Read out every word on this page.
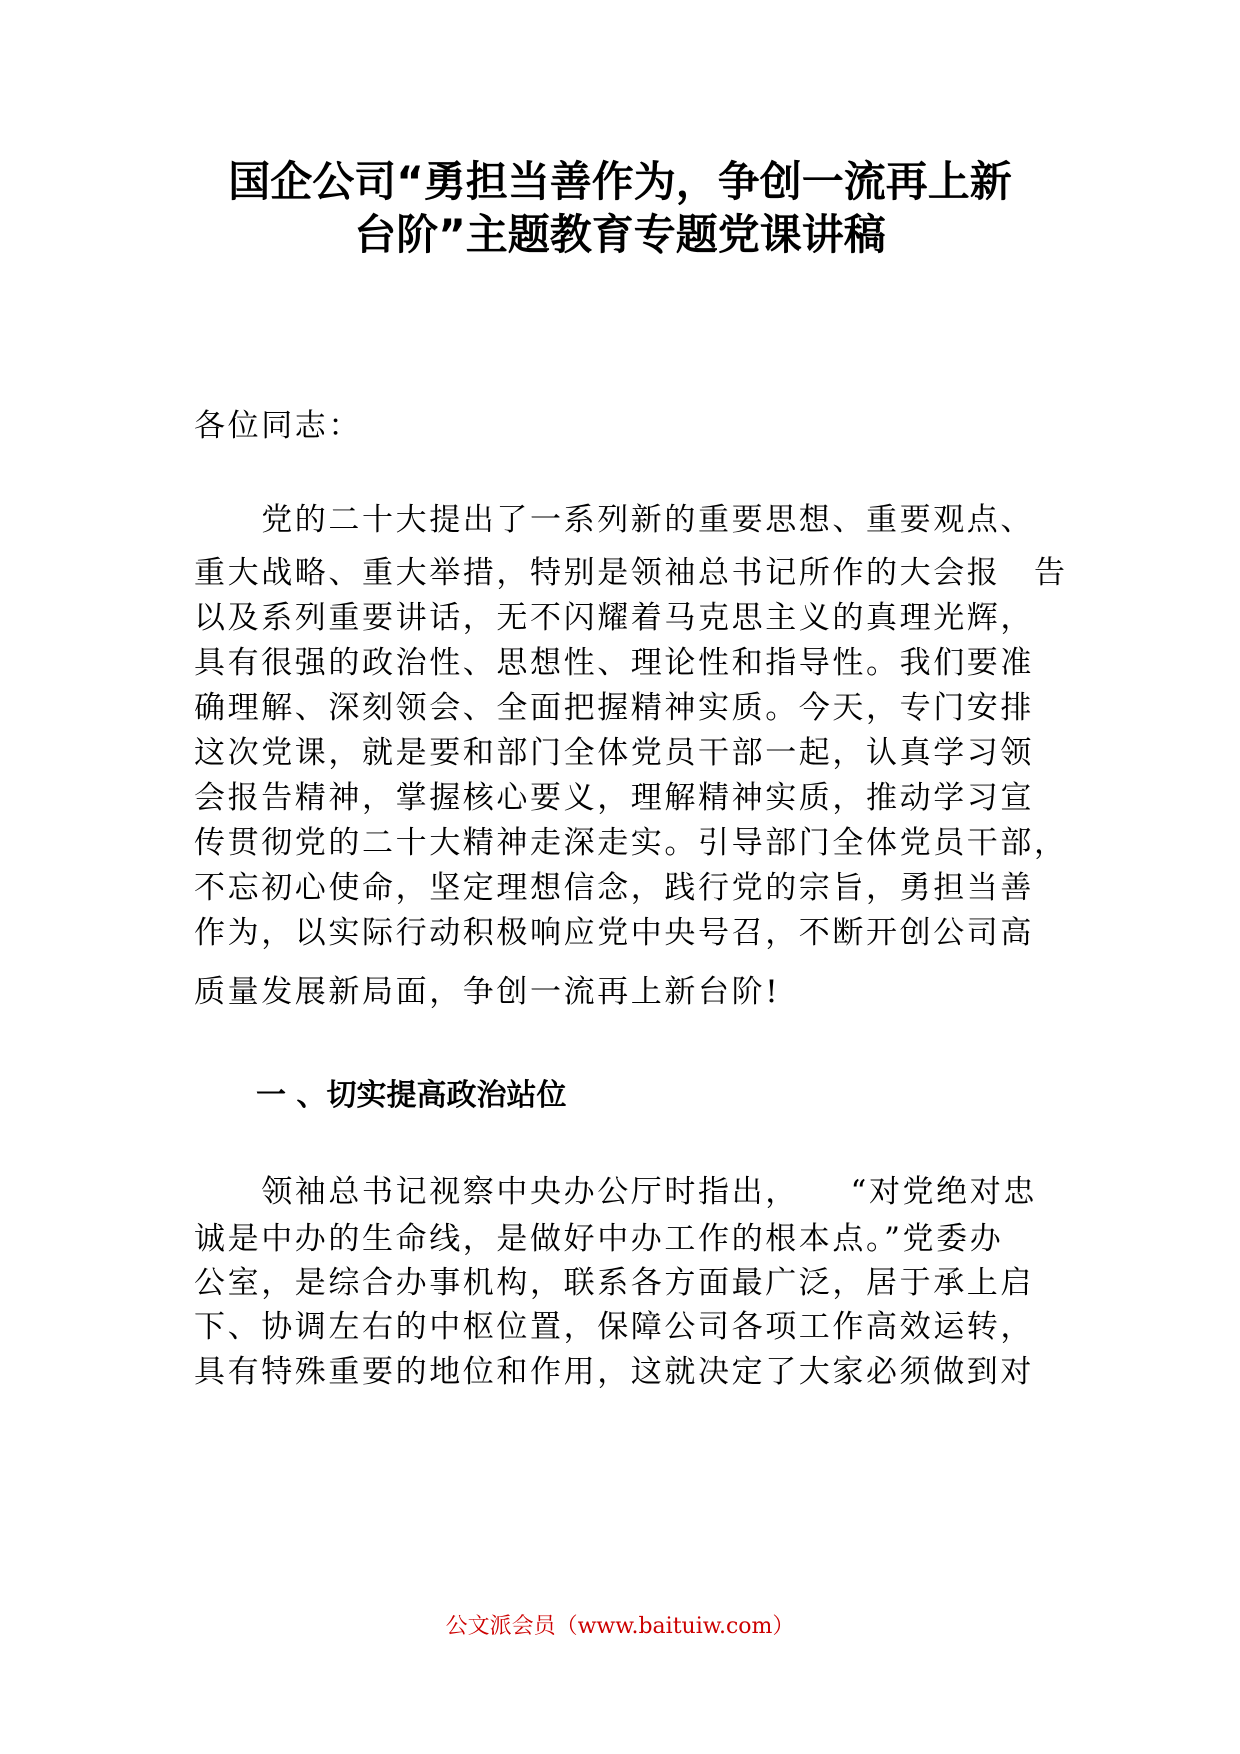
国企公司“勇担当善作为，争创一流再上新
台阶”主题教育专题党课讲稿

各位同志：

　　党的二十大提出了一系列新的重要思想、重要观点、

重大战略、重大举措，特别是领袖总书记所作的大会报　告

以及系列重要讲话，无不闪耀着马克思主义的真理光辉，

具有很强的政治性、思想性、理论性和指导性。我们要准

确理解、深刻领会、全面把握精神实质。今天，专门安排

这次党课，就是要和部门全体党员干部一起，认真学习领

会报告精神，掌握核心要义，理解精神实质，推动学习宣

传贯彻党的二十大精神走深走实。引导部门全体党员干部，

不忘初心使命，坚定理想信念，践行党的宗旨，勇担当善

作为，以实际行动积极响应党中央号召，不断开创公司高

质量发展新局面，争创一流再上新台阶!

一 、切实提高政治站位

　　领袖总书记视察中央办公厅时指出，　　“对党绝对忠

诚是中办的生命线，是做好中办工作的根本点。”党委办

公室，是综合办事机构，联系各方面最广泛，居于承上启

下、协调左右的中枢位置，保障公司各项工作高效运转，

具有特殊重要的地位和作用，这就决定了大家必须做到对

公文派会员（www.baituiw.com）
